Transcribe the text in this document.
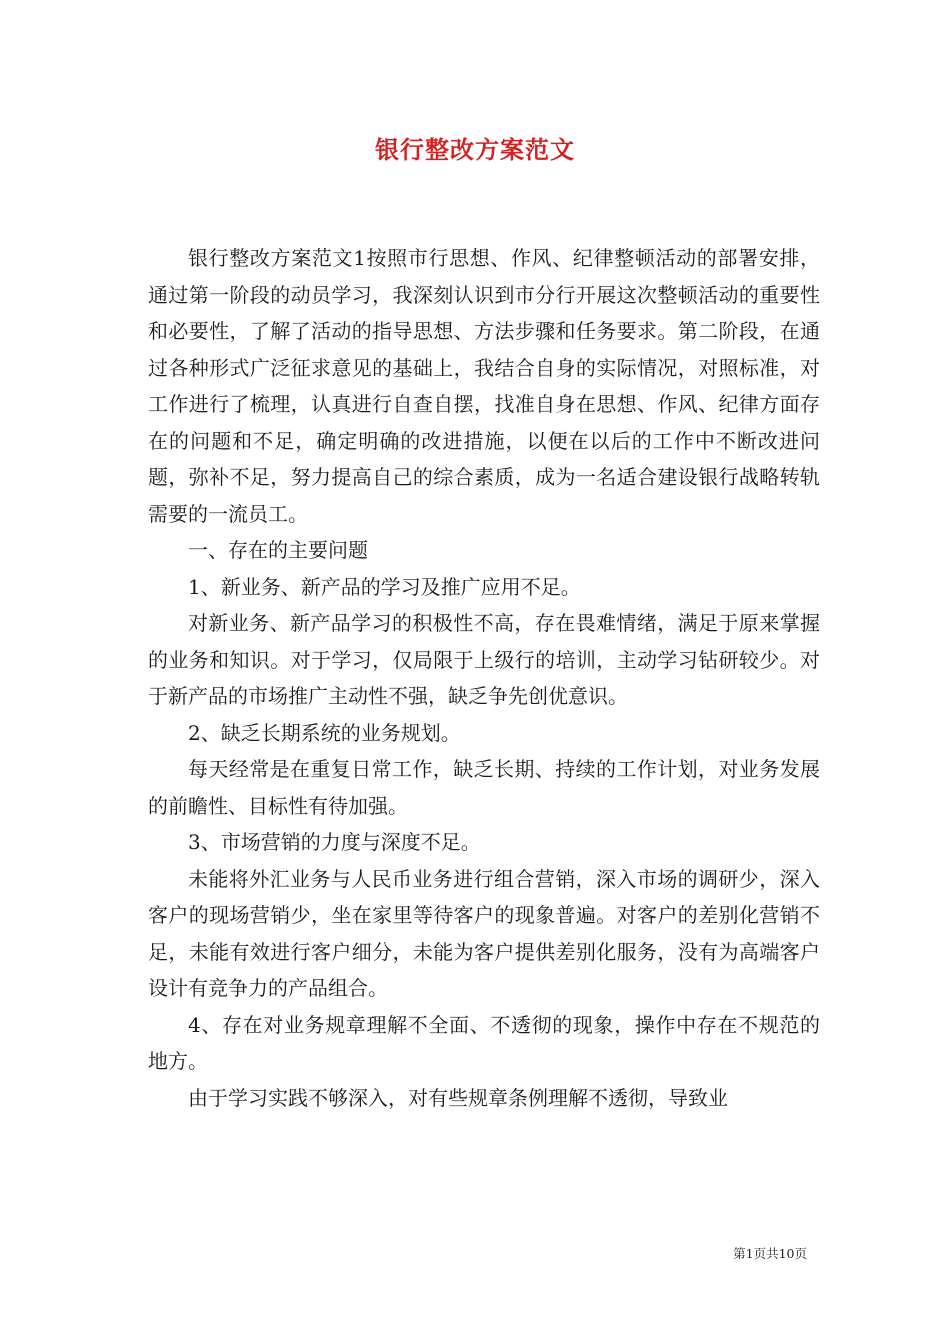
银行整改方案范文

银行整改方案范文1按照市行思想、作风、纪律整顿活动的部署安排，通过第一阶段的动员学习，我深刻认识到市分行开展这次整顿活动的重要性和必要性，了解了活动的指导思想、方法步骤和任务要求。第二阶段，在通过各种形式广泛征求意见的基础上，我结合自身的实际情况，对照标准，对工作进行了梳理，认真进行自查自摆，找准自身在思想、作风、纪律方面存在的问题和不足，确定明确的改进措施，以便在以后的工作中不断改进问题，弥补不足，努力提高自己的综合素质，成为一名适合建设银行战略转轨需要的一流员工。

一、存在的主要问题

1、新业务、新产品的学习及推广应用不足。

对新业务、新产品学习的积极性不高，存在畏难情绪，满足于原来掌握的业务和知识。对于学习，仅局限于上级行的培训，主动学习钻研较少。对于新产品的市场推广主动性不强，缺乏争先创优意识。

2、缺乏长期系统的业务规划。

每天经常是在重复日常工作，缺乏长期、持续的工作计划，对业务发展的前瞻性、目标性有待加强。

3、市场营销的力度与深度不足。

未能将外汇业务与人民币业务进行组合营销，深入市场的调研少，深入客户的现场营销少，坐在家里等待客户的现象普遍。对客户的差别化营销不足，未能有效进行客户细分，未能为客户提供差别化服务，没有为高端客户设计有竞争力的产品组合。

4、存在对业务规章理解不全面、不透彻的现象，操作中存在不规范的地方。

由于学习实践不够深入，对有些规章条例理解不透彻，导致业

第1页共10页
